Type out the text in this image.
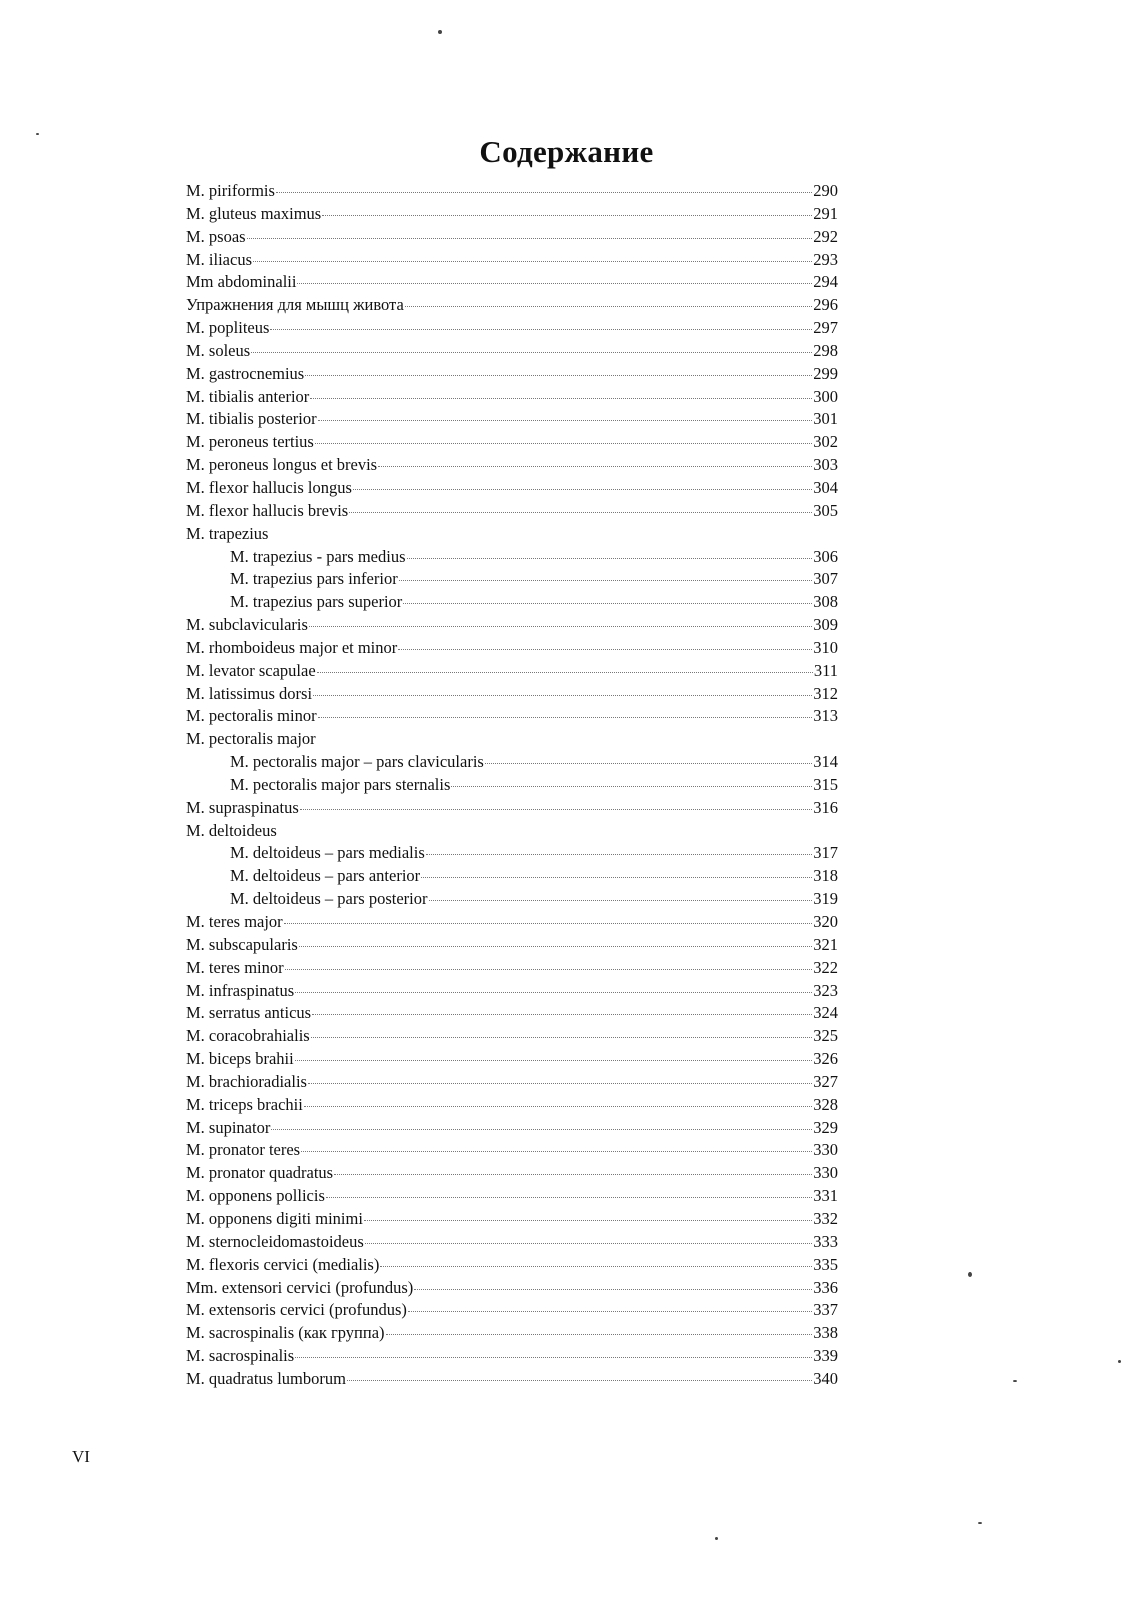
Содержание
M. piriformis	290
M. gluteus maximus	291
M. psoas	292
M. iliacus	293
Mm abdominalii	294
Упражнения для мышц живота	296
M. popliteus	297
M. soleus	298
M. gastrocnemius	299
M. tibialis anterior	300
M. tibialis posterior	301
M. peroneus tertius	302
M. peroneus longus et brevis	303
M. flexor hallucis longus	304
M. flexor hallucis brevis	305
M. trapezius
M. trapezius - pars medius	306
M. trapezius pars inferior	307
M. trapezius pars superior	308
M. subclavicularis	309
M. rhomboideus major et minor	310
M. levator scapulae	311
M. latissimus dorsi	312
M. pectoralis minor	313
M. pectoralis major
M. pectoralis major – pars clavicularis	314
M. pectoralis major pars sternalis	315
M. supraspinatus	316
M. deltoideus
M. deltoideus – pars medialis	317
M. deltoideus – pars anterior	318
M. deltoideus – pars posterior	319
M. teres major	320
M. subscapularis	321
M. teres minor	322
M. infraspinatus	323
M. serratus anticus	324
M. coracobrahialis	325
M. biceps brahii	326
M. brachioradialis	327
M. triceps brachii	328
M. supinator	329
M. pronator teres	330
M. pronator quadratus	330
M. opponens pollicis	331
M. opponens digiti minimi	332
M. sternocleidomastoideus	333
M. flexoris cervici (medialis)	335
Mm. extensori cervici (profundus)	336
M. extensoris cervici (profundus)	337
M. sacrospinalis (как группа)	338
M. sacrospinalis	339
M. quadratus lumborum	340
VI
